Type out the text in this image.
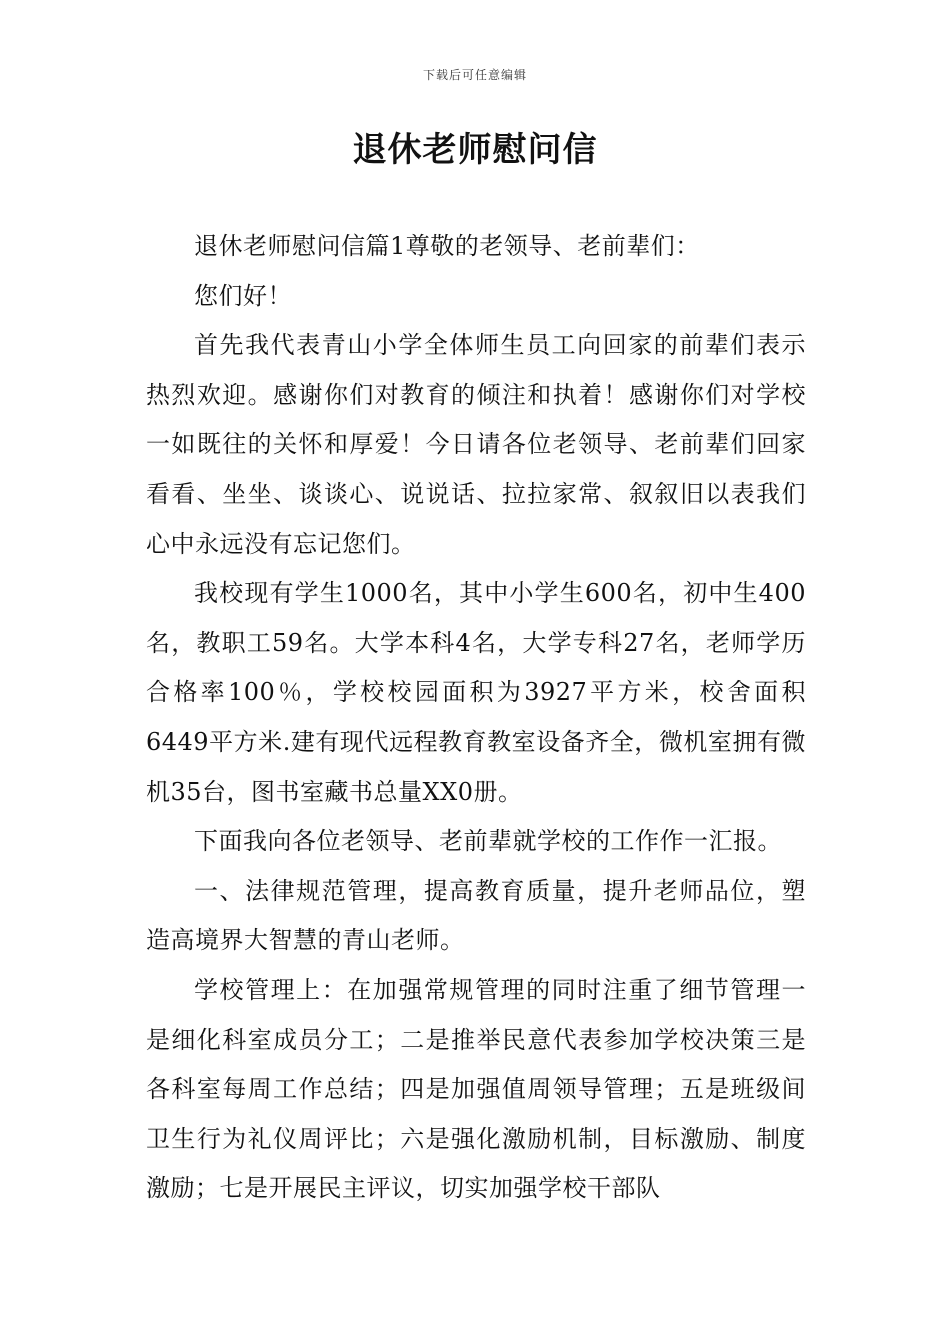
下载后可任意编辑
退休老师慰问信

退休老师慰问信篇1尊敬的老领导、老前辈们：

您们好！

首先我代表青山小学全体师生员工向回家的前辈们表示热烈欢迎。感谢你们对教育的倾注和执着！感谢你们对学校一如既往的关怀和厚爱！今日请各位老领导、老前辈们回家看看、坐坐、谈谈心、说说话、拉拉家常、叙叙旧以表我们心中永远没有忘记您们。

我校现有学生1000名，其中小学生600名，初中生400名，教职工59名。大学本科4名，大学专科27名，老师学历合格率100％，学校校园面积为3927平方米，校舍面积6449平方米.建有现代远程教育教室设备齐全，微机室拥有微机35台，图书室藏书总量XX0册。

下面我向各位老领导、老前辈就学校的工作作一汇报。

一、法律规范管理，提高教育质量，提升老师品位，塑造高境界大智慧的青山老师。

学校管理上：在加强常规管理的同时注重了细节管理一是细化科室成员分工；二是推举民意代表参加学校决策三是各科室每周工作总结；四是加强值周领导管理；五是班级间卫生行为礼仪周评比；六是强化激励机制，目标激励、制度激励；七是开展民主评议，切实加强学校干部队
